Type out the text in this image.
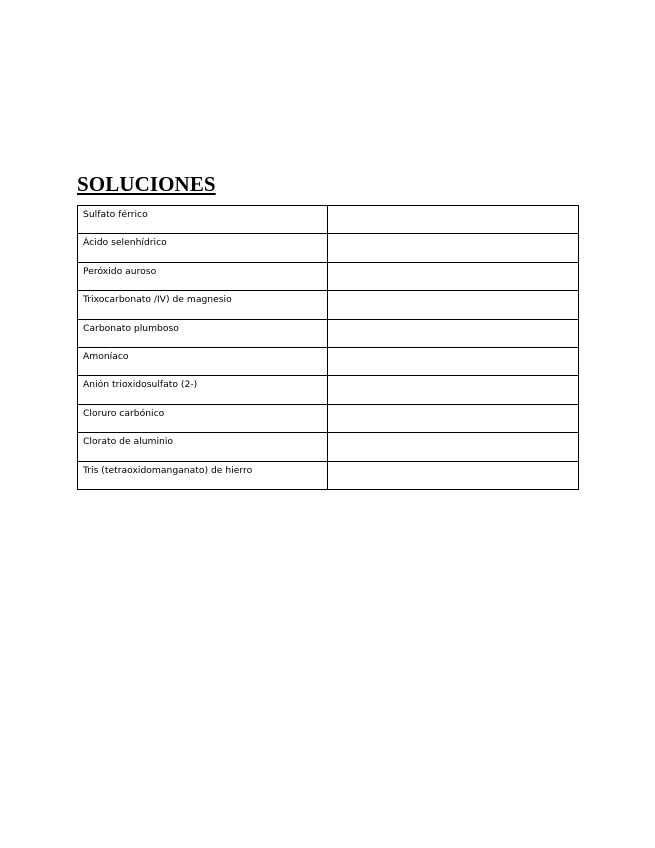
SOLUCIONES
Sulfato férrico	
Ácido selenhídrico	
Peróxido auroso	
Trixocarbonato /IV) de magnesio	
Carbonato plumboso	
Amoníaco	
Anión trioxidosulfato (2-)	
Cloruro carbónico	
Clorato de aluminio	
Tris (tetraoxidomanganato) de hierro	
